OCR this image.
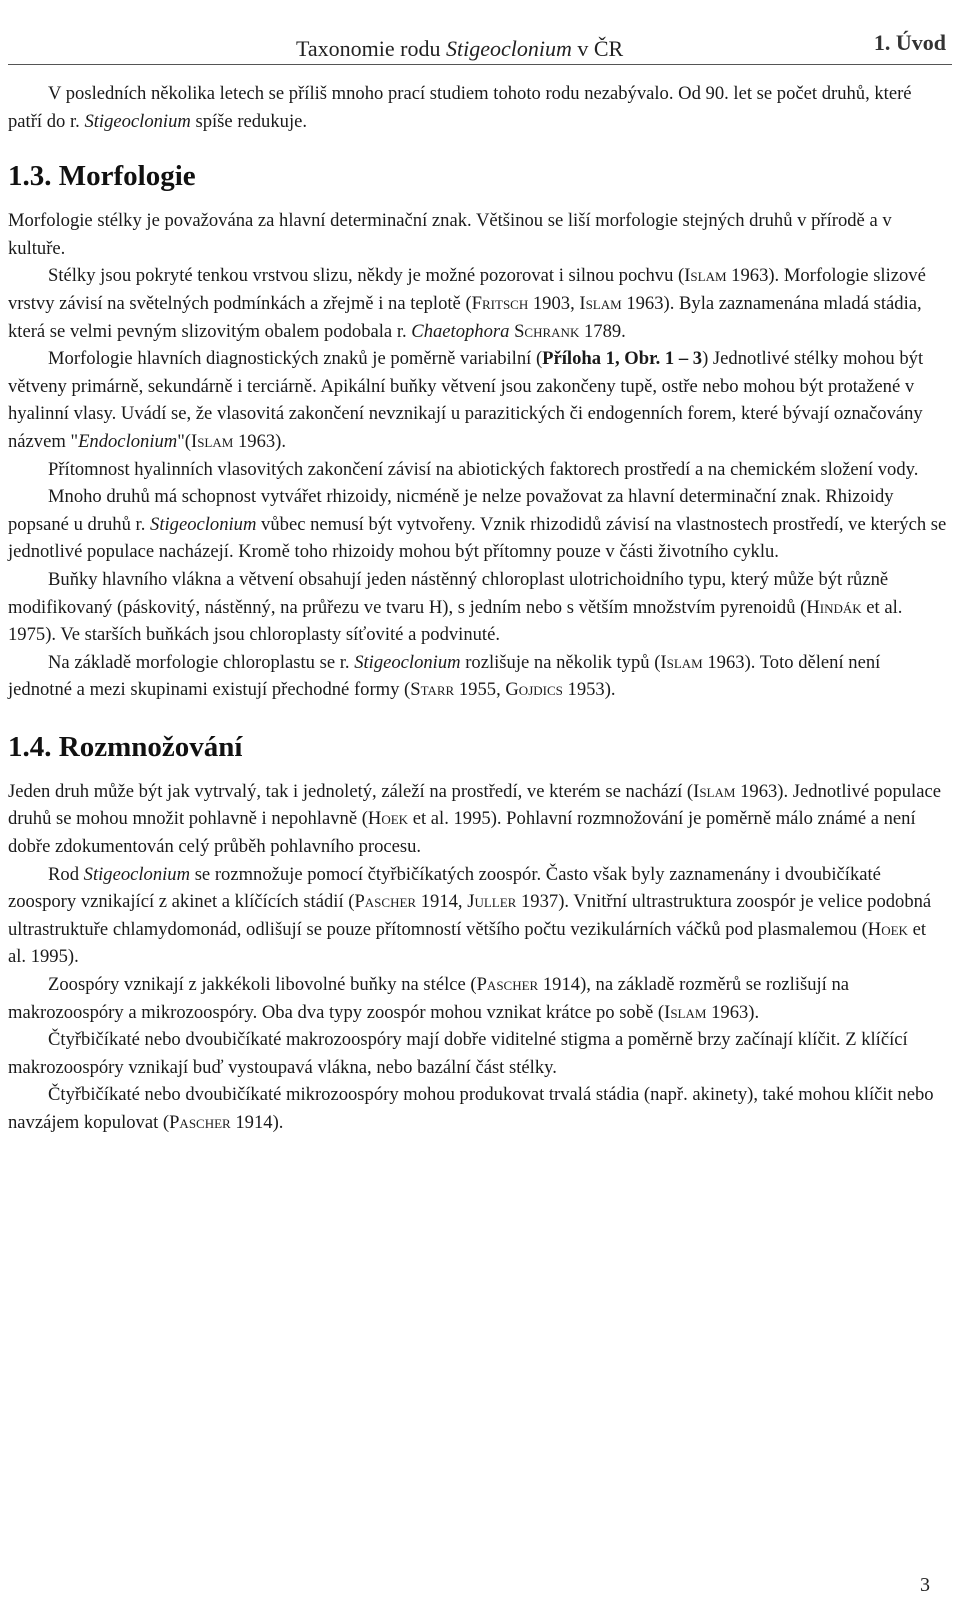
Taxonomie rodu Stigeoclonium v ČR	1. Úvod

V posledních několika letech se příliš mnoho prací studiem tohoto rodu nezabývalo. Od 90. let se počet druhů, které patří do r. Stigeoclonium spíše redukuje.

1.3. Morfologie

Morfologie stélky je považována za hlavní determinační znak. Většinou se liší morfologie stejných druhů v přírodě a v kultuře.

Stélky jsou pokryté tenkou vrstvou slizu, někdy je možné pozorovat i silnou pochvu (Islam 1963). Morfologie slizové vrstvy závisí na světelných podmínkách a zřejmě i na teplotě (Fritsch 1903, Islam 1963). Byla zaznamenána mladá stádia, která se velmi pevným slizovitým obalem podobala r. Chaetophora Schrank 1789.

Morfologie hlavních diagnostických znaků je poměrně variabilní (Příloha 1, Obr. 1 – 3) Jednotlivé stélky mohou být větveny primárně, sekundárně i terciárně. Apikální buňky větvení jsou zakončeny tupě, ostře nebo mohou být protažené v hyalinní vlasy. Uvádí se, že vlasovitá zakončení nevznikají u parazitických či endogenních forem, které bývají označovány názvem "Endoclonium"(Islam 1963).

Přítomnost hyalinních vlasovitých zakončení závisí na abiotických faktorech prostředí a na chemickém složení vody.

Mnoho druhů má schopnost vytvářet rhizoidy, nicméně je nelze považovat za hlavní determinační znak. Rhizoidy popsané u druhů r. Stigeoclonium vůbec nemusí být vytvořeny. Vznik rhizodidů závisí na vlastnostech prostředí, ve kterých se jednotlivé populace nacházejí. Kromě toho rhizoidy mohou být přítomny pouze v části životního cyklu.

Buňky hlavního vlákna a větvení obsahují jeden nástěnný chloroplast ulotrichoidního typu, který může být různě modifikovaný (páskovitý, nástěnný, na průřezu ve tvaru H), s jedním nebo s větším množstvím pyrenoidů (Hindák et al. 1975). Ve starších buňkách jsou chloroplasty síťovité a podvinuté.

Na základě morfologie chloroplastu se r. Stigeoclonium rozlišuje na několik typů (Islam 1963). Toto dělení není jednotné a mezi skupinami existují přechodné formy (Starr 1955, Gojdics 1953).

1.4. Rozmnožování

Jeden druh může být jak vytrvalý, tak i jednoletý, záleží na prostředí, ve kterém se nachází (Islam 1963). Jednotlivé populace druhů se mohou množit pohlavně i nepohlavně (Hoek et al. 1995). Pohlavní rozmnožování je poměrně málo známé a není dobře zdokumentován celý průběh pohlavního procesu.

Rod Stigeoclonium se rozmnožuje pomocí čtyřbičíkatých zoospór. Často však byly zaznamenány i dvoubičíkaté zoospory vznikající z akinet a klíčících stádií (Pascher 1914, Juller 1937). Vnitřní ultrastruktura zoospór je velice podobná ultrastruktuře chlamydomonád, odlišují se pouze přítomností většího počtu vezikulárních váčků pod plasmalemou (Hoek et al. 1995).

Zoospóry vznikají z jakkékoli libovolné buňky na stélce (Pascher 1914), na základě rozměrů se rozlišují na makrozoospóry a mikrozoospóry. Oba dva typy zoospór mohou vznikat krátce po sobě (Islam 1963).

Čtyřbičíkaté nebo dvoubičíkaté makrozoospóry mají dobře viditelné stigma a poměrně brzy začínají klíčit. Z klíčící makrozoospóry vznikají buď vystoupavá vlákna, nebo bazální část stélky.

Čtyřbičíkaté nebo dvoubičíkaté mikrozoospóry mohou produkovat trvalá stádia (např. akinety), také mohou klíčit nebo navzájem kopulovat (Pascher 1914).

3
